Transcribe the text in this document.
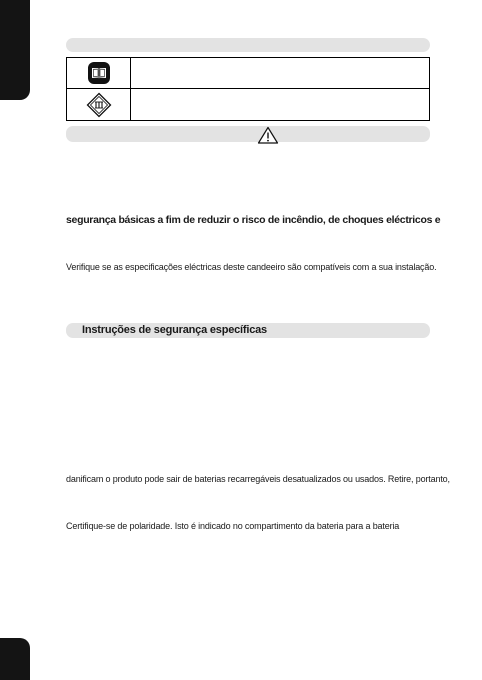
segurança básicas a fim de reduzir o risco de incêndio, de choques eléctricos e
Verifique se as especificações eléctricas deste candeeiro são compatíveis com a sua instalação.
Instruções de segurança específicas
danificam o produto pode sair de baterias recarregáveis desatualizados ou usados. Retire, portanto,
Certifique-se de polaridade. Isto é indicado no compartimento da bateria para a bateria
